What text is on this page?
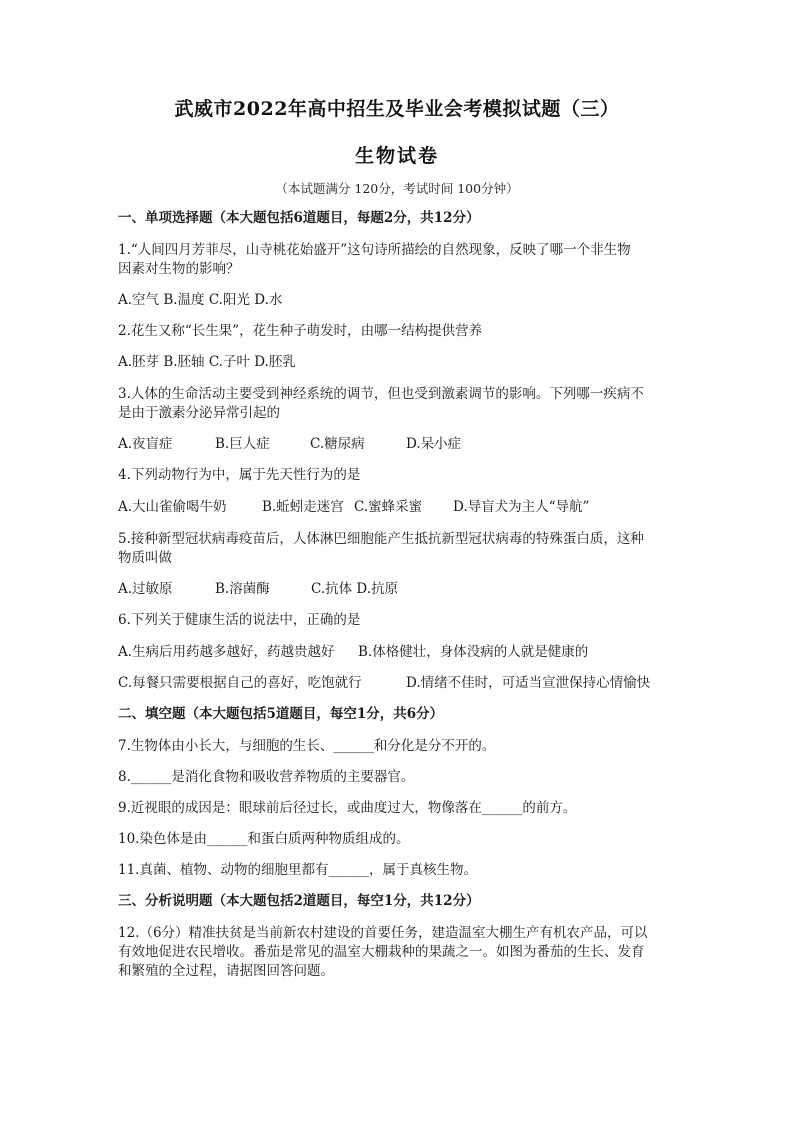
武威市2022年高中招生及毕业会考模拟试题（三）
生物试卷
（本试题满分 120分，考试时间 100分钟）
一、单项选择题（本大题包括6道题目，每题2分，共12分）
1.“人间四月芳菲尽，山寺桃花始盛开”这句诗所描绘的自然现象，反映了哪一个非生物
因素对生物的影响？
A.空气 B.温度 C.阳光 D.水
2.花生又称“长生果”，花生种子萌发时，由哪一结构提供营养
A.胚芽 B.胚轴 C.子叶 D.胚乳
3.人体的生命活动主要受到神经系统的调节，但也受到激素调节的影响。下列哪一疾病不
是由于激素分泌异常引起的
A.夜盲症	B.巨人症	C.糖尿病	D.呆小症
4.下列动物行为中，属于先天性行为的是
A.大山雀偷喝牛奶	B.蚯蚓走迷宫 C.蜜蜂采蜜 D.导盲犬为主人“导航”
5.接种新型冠状病毒疫苗后，人体淋巴细胞能产生抵抗新型冠状病毒的特殊蛋白质，这种
物质叫做
A.过敏原	B.溶菌酶	C.抗体 D.抗原
6.下列关于健康生活的说法中，正确的是
A.生病后用药越多越好，药越贵越好 B.体格健壮，身体没病的人就是健康的
C.每餐只需要根据自己的喜好，吃饱就行	D.情绪不佳时，可适当宣泄保持心情愉快
二、填空题（本大题包括5道题目，每空1分，共6分）
7.生物体由小长大，与细胞的生长、______和分化是分不开的。
8.______是消化食物和吸收营养物质的主要器官。
9.近视眼的成因是：眼球前后径过长，或曲度过大，物像落在______的前方。
10.染色体是由______和蛋白质两种物质组成的。
11.真菌、植物、动物的细胞里都有______，属于真核生物。
三、分析说明题（本大题包括2道题目，每空1分，共12分）
12.（6分）精准扶贫是当前新农村建设的首要任务，建造温室大棚生产有机农产品，可以
有效地促进农民增收。番茄是常见的温室大棚栽种的果蔬之一。如图为番茄的生长、发育
和繁殖的全过程，请据图回答问题。
